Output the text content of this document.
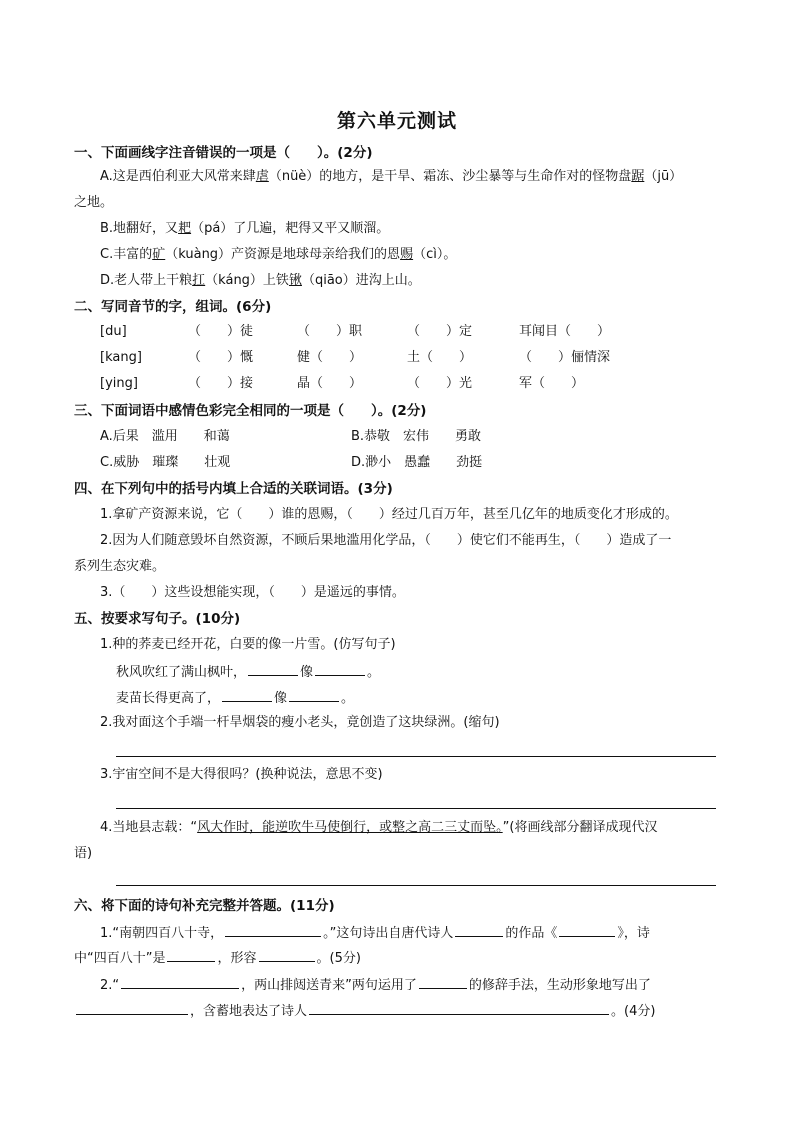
第六单元测试
一、下面画线字注音错误的一项是（　　）。(2分)
A.这是西伯利亚大风常来肆虐（nüè）的地方，是干旱、霜冻、沙尘暴等与生命作对的怪物盘踞（jū）
之地。
B.地翻好，又耙（pá）了几遍，耙得又平又顺溜。
C.丰富的矿（kuàng）产资源是地球母亲给我们的恩赐（cì）。
D.老人带上干粮扛（káng）上铁锹（qiāo）进沟上山。
二、写同音节的字，组词。(6分)
[du]	（　　）徒	（　　）职	（　　）定	耳闻目（　　）
[kang]	（　　）慨	健（　　）	土（　　）	（　　）俪情深
[ying]	（　　）接	晶（　　）	（　　）光	军（　　）
三、下面词语中感情色彩完全相同的一项是（　　）。(2分)
A.后果　滥用　　和蔼	B.恭敬　宏伟　　勇敢
C.威胁　璀璨　　壮观	D.渺小　愚蠢　　劲挺
四、在下列句中的括号内填上合适的关联词语。(3分)
1.拿矿产资源来说，它（　　）谁的恩赐，（　　）经过几百万年，甚至几亿年的地质变化才形成的。
2.因为人们随意毁坏自然资源，不顾后果地滥用化学品，（　　）使它们不能再生，（　　）造成了一
系列生态灾难。
3.（　　）这些设想能实现，（　　）是遥远的事情。
五、按要求写句子。(10分)
1.种的荞麦已经开花，白要的像一片雪。(仿写句子)
秋风吹红了满山枫叶，	像	。
麦苗长得更高了，	像	。
2.我对面这个手端一杆旱烟袋的瘦小老头，竟创造了这块绿洲。(缩句)
3.宇宙空间不是大得很吗？(换种说法，意思不变)
4.当地县志载：“风大作时，能逆吹牛马使倒行，或整之高二三丈而坠。”(将画线部分翻译成现代汉
语)
六、将下面的诗句补充完整并答题。(11分)
1.“南朝四百八十寺，	。”这句诗出自唐代诗人	的作品《	》，诗
中“四百八十”是	，形容	。(5分)
2.“	，两山排闼送青来”两句运用了	的修辞手法，生动形象地写出了
，含蓄地表达了诗人	。(4分)
